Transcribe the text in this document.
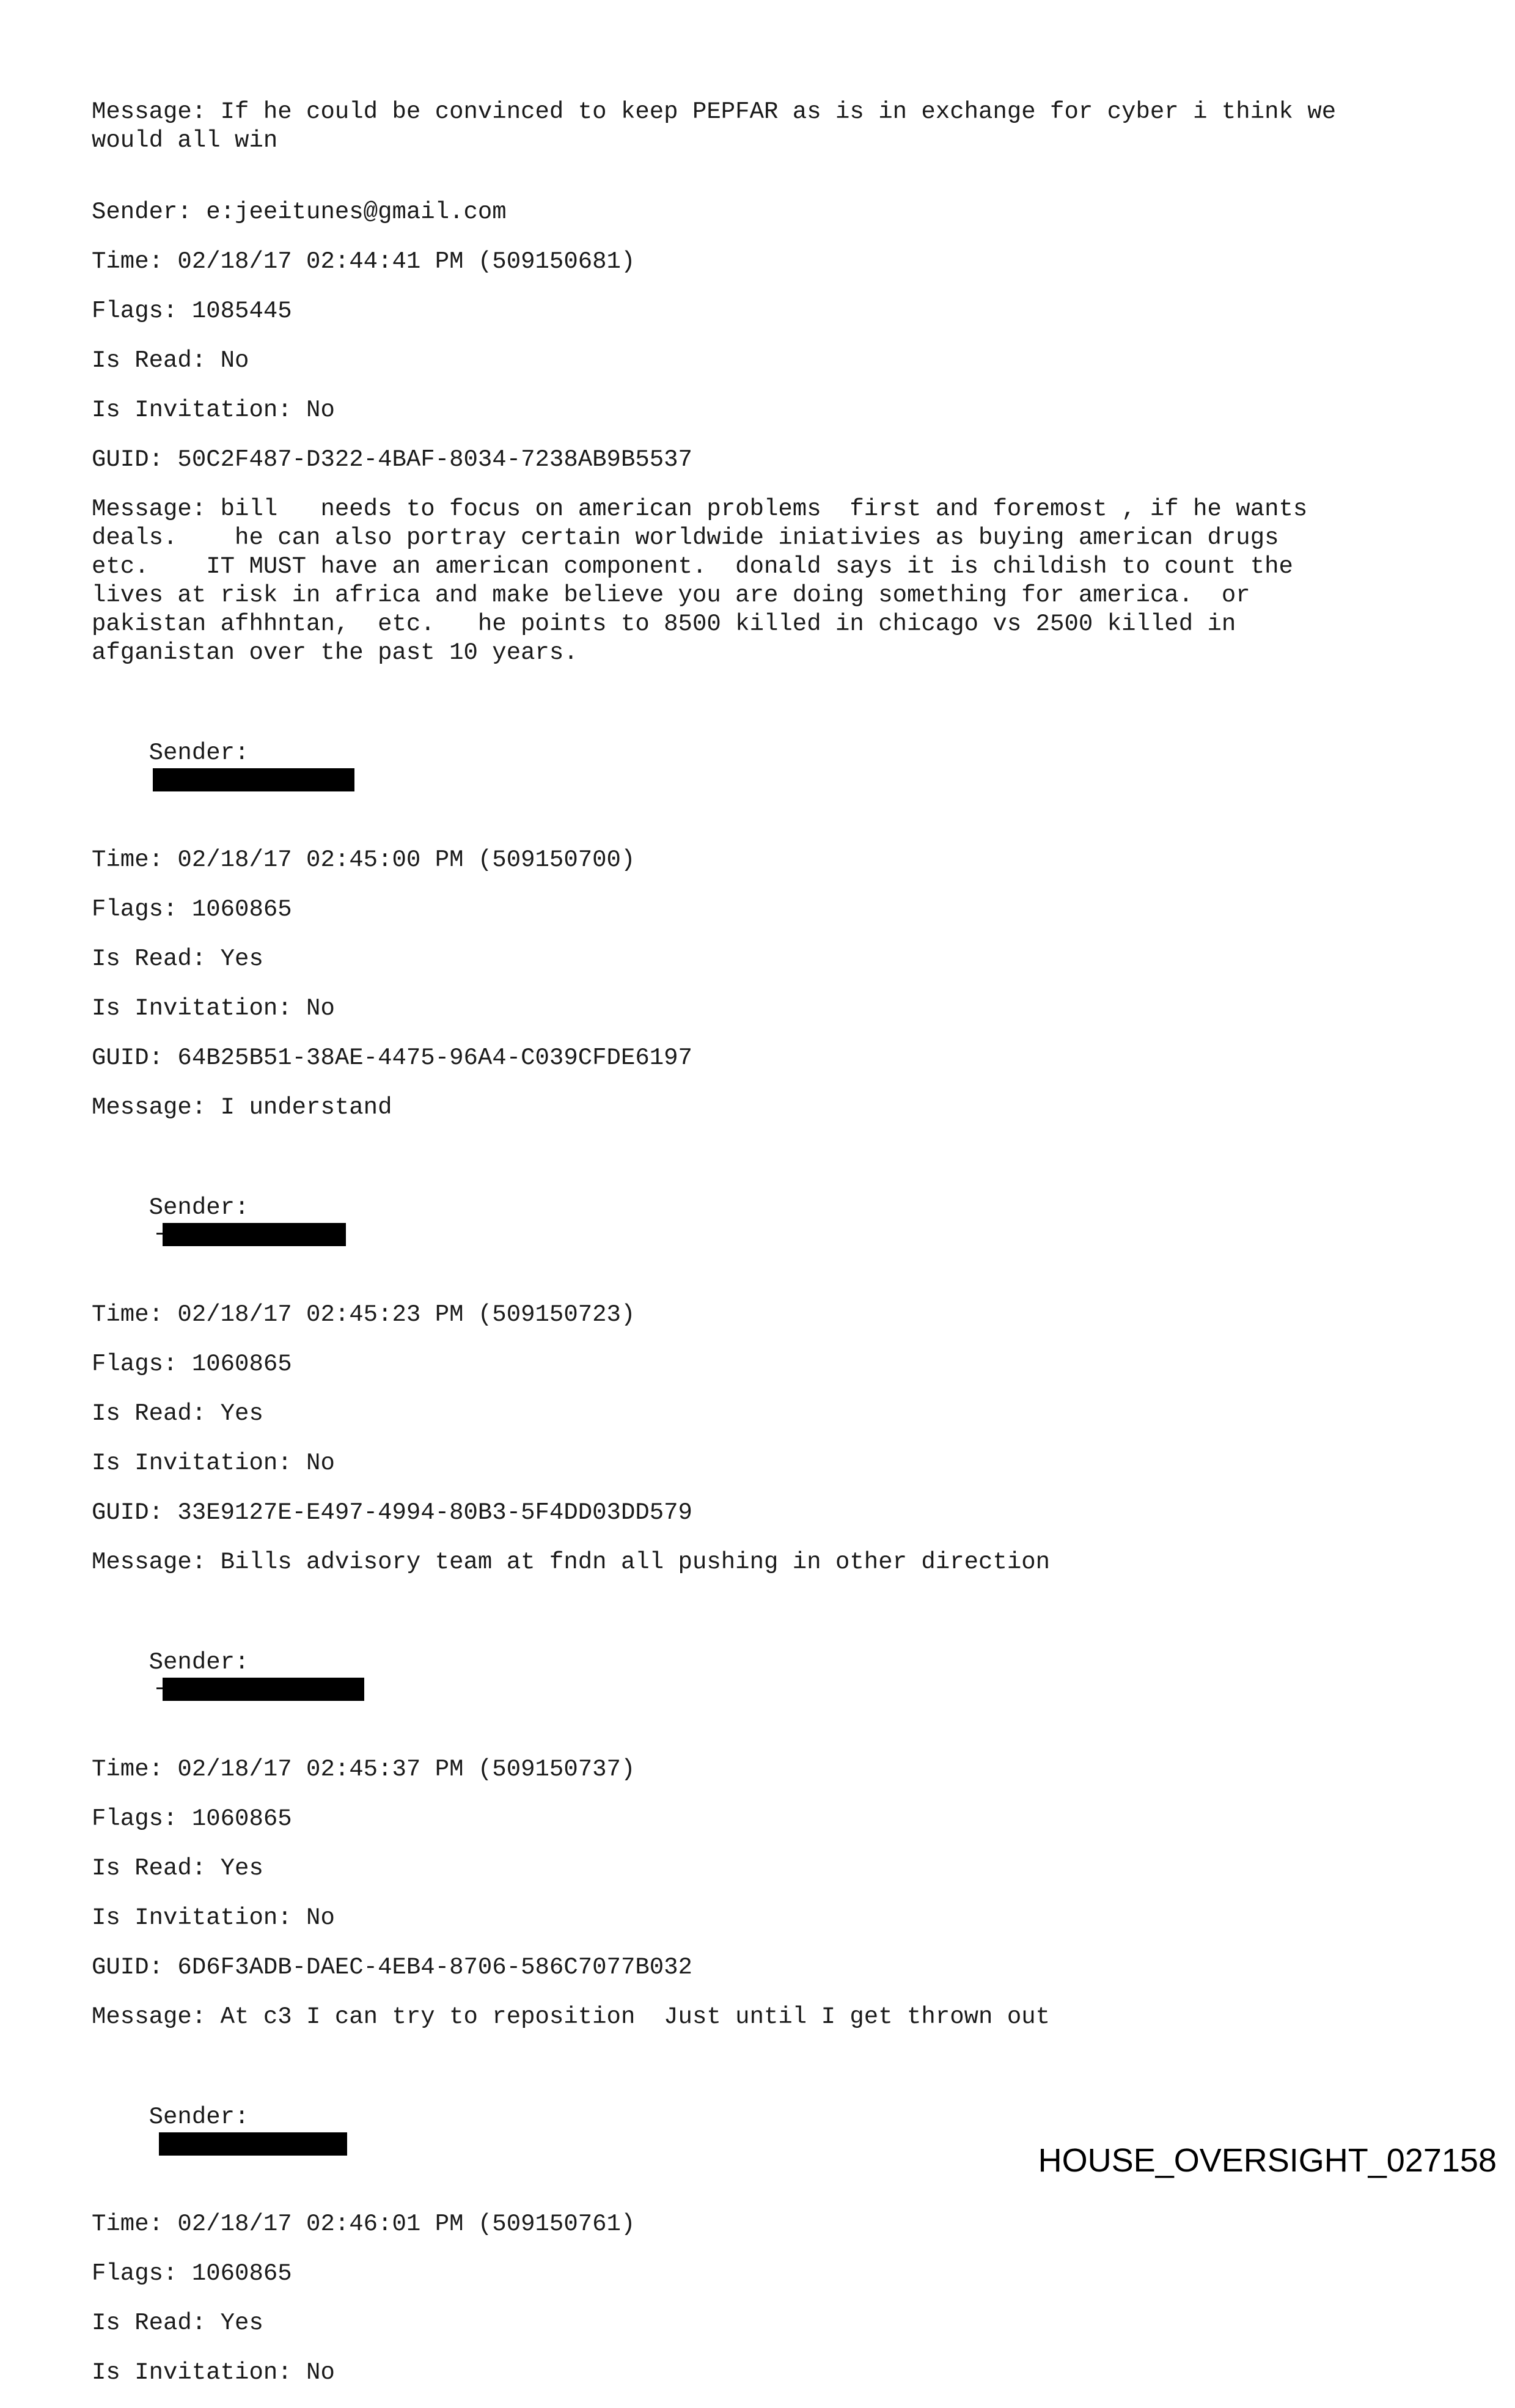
Message: If he could be convinced to keep PEPFAR as is in exchange for cyber i think we
would all win
Sender: e:jeeitunes@gmail.com
Time: 02/18/17 02:44:41 PM (509150681)
Flags: 1085445
Is Read: No
Is Invitation: No
GUID: 50C2F487-D322-4BAF-8034-7238AB9B5537
Message: bill   needs to focus on american problems  first and foremost , if he wants
deals.    he can also portray certain worldwide iniativies as buying american drugs
etc.    IT MUST have an american component.  donald says it is childish to count the
lives at risk in africa and make believe you are doing something for america.  or
pakistan afhhntan,  etc.   he points to 8500 killed in chicago vs 2500 killed in
afganistan over the past 10 years.

Sender:

Time: 02/18/17 02:45:00 PM (509150700)
Flags: 1060865
Is Read: Yes
Is Invitation: No
GUID: 64B25B51-38AE-4475-96A4-C039CFDE6197
Message: I understand

Sender:

Time: 02/18/17 02:45:23 PM (509150723)
Flags: 1060865
Is Read: Yes
Is Invitation: No
GUID: 33E9127E-E497-4994-80B3-5F4DD03DD579
Message: Bills advisory team at fndn all pushing in other direction

Sender:

Time: 02/18/17 02:45:37 PM (509150737)
Flags: 1060865
Is Read: Yes
Is Invitation: No
GUID: 6D6F3ADB-DAEC-4EB4-8706-586C7077B032
Message: At c3 I can try to reposition  Just until I get thrown out

Sender:

Time: 02/18/17 02:46:01 PM (509150761)
Flags: 1060865
Is Read: Yes
Is Invitation: No
HOUSE_OVERSIGHT_027158
